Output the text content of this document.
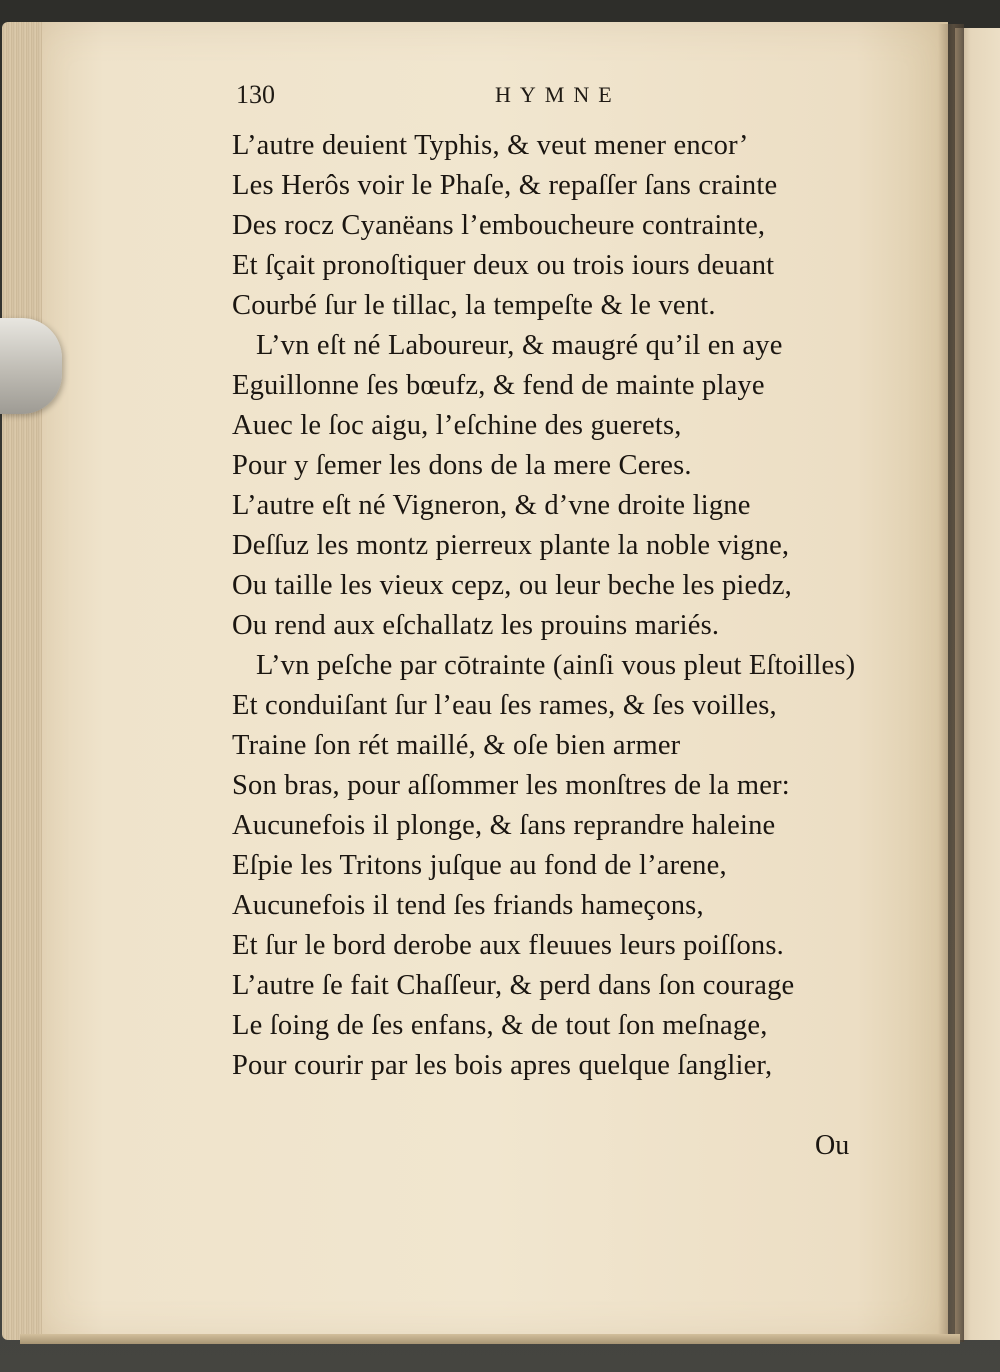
130	HYMNE
L’autre deuient Typhis, & veut mener encor’
Les Herôs voir le Phaſe, & repaſſer ſans crainte
Des rocz Cyanëans l’emboucheure contrainte,
Et ſçait pronoſtiquer deux ou trois iours deuant
Courbé ſur le tillac, la tempeſte & le vent.
L’vn eſt né Laboureur, & maugré qu’il en aye
Eguillonne ſes bœufz, & fend de mainte playe
Auec le ſoc aigu, l’eſchine des guerets,
Pour y ſemer les dons de la mere Ceres.
L’autre eſt né Vigneron, & d’vne droite ligne
Deſſuz les montz pierreux plante la noble vigne,
Ou taille les vieux cepz, ou leur beche les piedz,
Ou rend aux eſchallatz les prouins mariés.
L’vn peſche par cōtrainte (ainſi vous pleut Eſtoilles)
Et conduiſant ſur l’eau ſes rames, & ſes voilles,
Traine ſon rét maillé, & oſe bien armer
Son bras, pour aſſommer les monſtres de la mer:
Aucunefois il plonge, & ſans reprandre haleine
Eſpie les Tritons juſque au fond de l’arene,
Aucunefois il tend ſes friands hameçons,
Et ſur le bord derobe aux fleuues leurs poiſſons.
L’autre ſe fait Chaſſeur, & perd dans ſon courage
Le ſoing de ſes enfans, & de tout ſon meſnage,
Pour courir par les bois apres quelque ſanglier,
Ou
